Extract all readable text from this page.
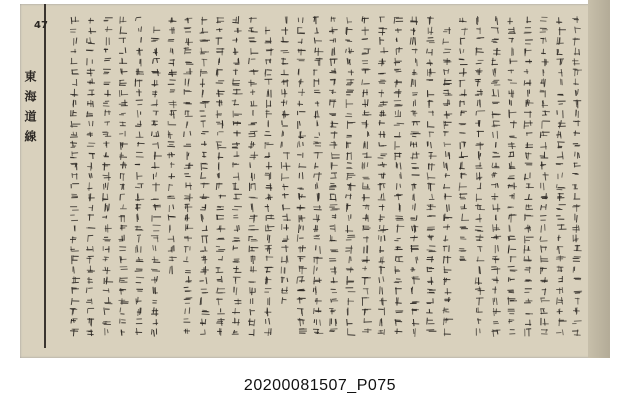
47
東海道線
20200081507_P075
